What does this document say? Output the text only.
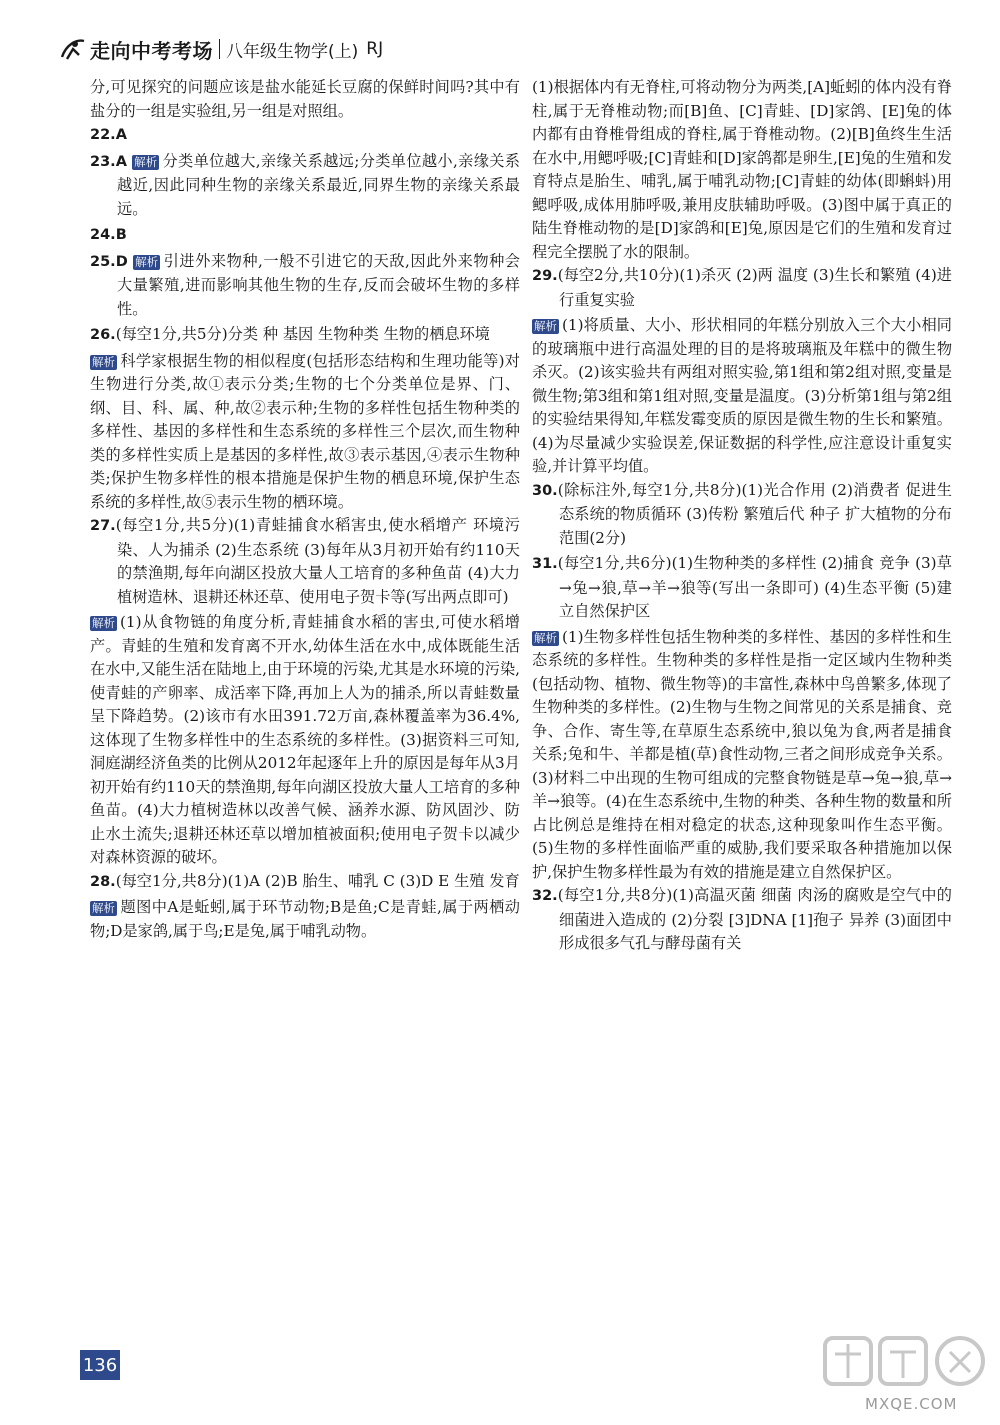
走向中考考场 八年级生物学(上) RJ

分,可见探究的问题应该是盐水能延长豆腐的保鲜时间吗?其中有盐分的一组是实验组,另一组是对照组。

22.A

23.A 解析 分类单位越大,亲缘关系越远;分类单位越小,亲缘关系越近,因此同种生物的亲缘关系最近,同界生物的亲缘关系最远。

24.B

25.D 解析 引进外来物种,一般不引进它的天敌,因此外来物种会大量繁殖,进而影响其他生物的生存,反而会破坏生物的多样性。

26.(每空1分,共5分)分类 种 基因 生物种类 生物的栖息环境

解析 科学家根据生物的相似程度(包括形态结构和生理功能等)对生物进行分类,故①表示分类;生物的七个分类单位是界、门、纲、目、科、属、种,故②表示种;生物的多样性包括生物种类的多样性、基因的多样性和生态系统的多样性三个层次,而生物种类的多样性实质上是基因的多样性,故③表示基因,④表示生物种类;保护生物多样性的根本措施是保护生物的栖息环境,保护生态系统的多样性,故⑤表示生物的栖环境。

27.(每空1分,共5分)(1)青蛙捕食水稻害虫,使水稻增产 环境污染、人为捕杀 (2)生态系统 (3)每年从3月初开始有约110天的禁渔期,每年向湖区投放大量人工培育的多种鱼苗 (4)大力植树造林、退耕还林还草、使用电子贺卡等(写出两点即可)

解析 (1)从食物链的角度分析,青蛙捕食水稻的害虫,可使水稻增产。青蛙的生殖和发育离不开水,幼体生活在水中,成体既能生活在水中,又能生活在陆地上,由于环境的污染,尤其是水环境的污染,使青蛙的产卵率、成活率下降,再加上人为的捕杀,所以青蛙数量呈下降趋势。(2)该市有水田391.72万亩,森林覆盖率为36.4%,这体现了生物多样性中的生态系统的多样性。(3)据资料三可知,洞庭湖经济鱼类的比例从2012年起逐年上升的原因是每年从3月初开始有约110天的禁渔期,每年向湖区投放大量人工培育的多种鱼苗。(4)大力植树造林以改善气候、涵养水源、防风固沙、防止水土流失;退耕还林还草以增加植被面积;使用电子贺卡以减少对森林资源的破坏。

28.(每空1分,共8分)(1)A (2)B 胎生、哺乳 C (3)D E 生殖 发育

解析 题图中A是蚯蚓,属于环节动物;B是鱼;C是青蛙,属于两栖动物;D是家鸽,属于鸟;E是兔,属于哺乳动物。

(1)根据体内有无脊柱,可将动物分为两类,[A]蚯蚓的体内没有脊柱,属于无脊椎动物;而[B]鱼、[C]青蛙、[D]家鸽、[E]兔的体内都有由脊椎骨组成的脊柱,属于脊椎动物。(2)[B]鱼终生生活在水中,用鳃呼吸;[C]青蛙和[D]家鸽都是卵生,[E]兔的生殖和发育特点是胎生、哺乳,属于哺乳动物;[C]青蛙的幼体(即蝌蚪)用鳃呼吸,成体用肺呼吸,兼用皮肤辅助呼吸。(3)图中属于真正的陆生脊椎动物的是[D]家鸽和[E]兔,原因是它们的生殖和发育过程完全摆脱了水的限制。

29.(每空2分,共10分)(1)杀灭 (2)两 温度 (3)生长和繁殖 (4)进行重复实验

解析 (1)将质量、大小、形状相同的年糕分别放入三个大小相同的玻璃瓶中进行高温处理的目的是将玻璃瓶及年糕中的微生物杀灭。(2)该实验共有两组对照实验,第1组和第2组对照,变量是微生物;第3组和第1组对照,变量是温度。(3)分析第1组与第2组的实验结果得知,年糕发霉变质的原因是微生物的生长和繁殖。(4)为尽量减少实验误差,保证数据的科学性,应注意设计重复实验,并计算平均值。

30.(除标注外,每空1分,共8分)(1)光合作用 (2)消费者 促进生态系统的物质循环 (3)传粉 繁殖后代 种子 扩大植物的分布范围(2分)

31.(每空1分,共6分)(1)生物种类的多样性 (2)捕食 竞争 (3)草→兔→狼,草→羊→狼等(写出一条即可) (4)生态平衡 (5)建立自然保护区

解析 (1)生物多样性包括生物种类的多样性、基因的多样性和生态系统的多样性。生物种类的多样性是指一定区域内生物种类(包括动物、植物、微生物等)的丰富性,森林中鸟兽繁多,体现了生物种类的多样性。(2)生物与生物之间常见的关系是捕食、竞争、合作、寄生等,在草原生态系统中,狼以兔为食,两者是捕食关系;兔和牛、羊都是植(草)食性动物,三者之间形成竞争关系。(3)材料二中出现的生物可组成的完整食物链是草→兔→狼,草→羊→狼等。(4)在生态系统中,生物的种类、各种生物的数量和所占比例总是维持在相对稳定的状态,这种现象叫作生态平衡。(5)生物的多样性面临严重的威胁,我们要采取各种措施加以保护,保护生物多样性最为有效的措施是建立自然保护区。

32.(每空1分,共8分)(1)高温灭菌 细菌 肉汤的腐败是空气中的细菌进入造成的 (2)分裂 [3]DNA [1]孢子 异养 (3)面团中形成很多气孔与酵母菌有关

136
MXQE.COM
